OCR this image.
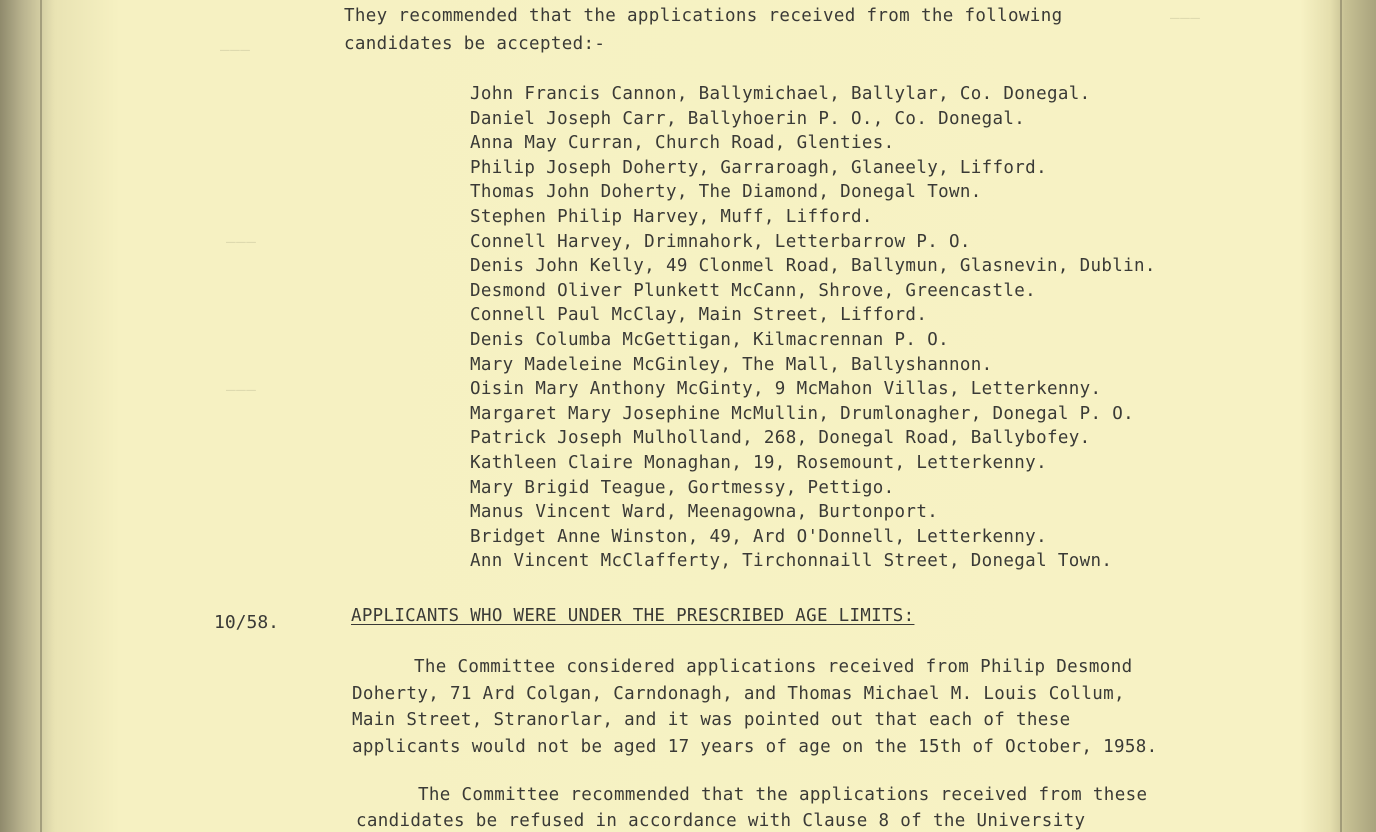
———
———
———
———
They recommended that the applications received from the following
candidates be accepted:-
John Francis Cannon, Ballymichael, Ballylar, Co. Donegal.
Daniel Joseph Carr, Ballyhoerin P. O., Co. Donegal.
Anna May Curran, Church Road, Glenties.
Philip Joseph Doherty, Garraroagh, Glaneely, Lifford.
Thomas John Doherty, The Diamond, Donegal Town.
Stephen Philip Harvey, Muff, Lifford.
Connell Harvey, Drimnahork, Letterbarrow P. O.
Denis John Kelly, 49 Clonmel Road, Ballymun, Glasnevin, Dublin.
Desmond Oliver Plunkett McCann, Shrove, Greencastle.
Connell Paul McClay, Main Street, Lifford.
Denis Columba McGettigan, Kilmacrennan P. O.
Mary Madeleine McGinley, The Mall, Ballyshannon.
Oisin Mary Anthony McGinty, 9 McMahon Villas, Letterkenny.
Margaret Mary Josephine McMullin, Drumlonagher, Donegal P. O.
Patrick Joseph Mulholland, 268, Donegal Road, Ballybofey.
Kathleen Claire Monaghan, 19, Rosemount, Letterkenny.
Mary Brigid Teague, Gortmessy, Pettigo.
Manus Vincent Ward, Meenagowna, Burtonport.
Bridget Anne Winston, 49, Ard O'Donnell, Letterkenny.
Ann Vincent McClafferty, Tirchonnaill Street, Donegal Town.
10/58.	APPLICANTS WHO WERE UNDER THE PRESCRIBED AGE LIMITS:
The Committee considered applications received from Philip Desmond
Doherty, 71 Ard Colgan, Carndonagh, and Thomas Michael M. Louis Collum,
Main Street, Stranorlar, and it was pointed out that each of these
applicants would not be aged 17 years of age on the 15th of October, 1958.
The Committee recommended that the applications received from these
candidates be refused in accordance with Clause 8 of the University
